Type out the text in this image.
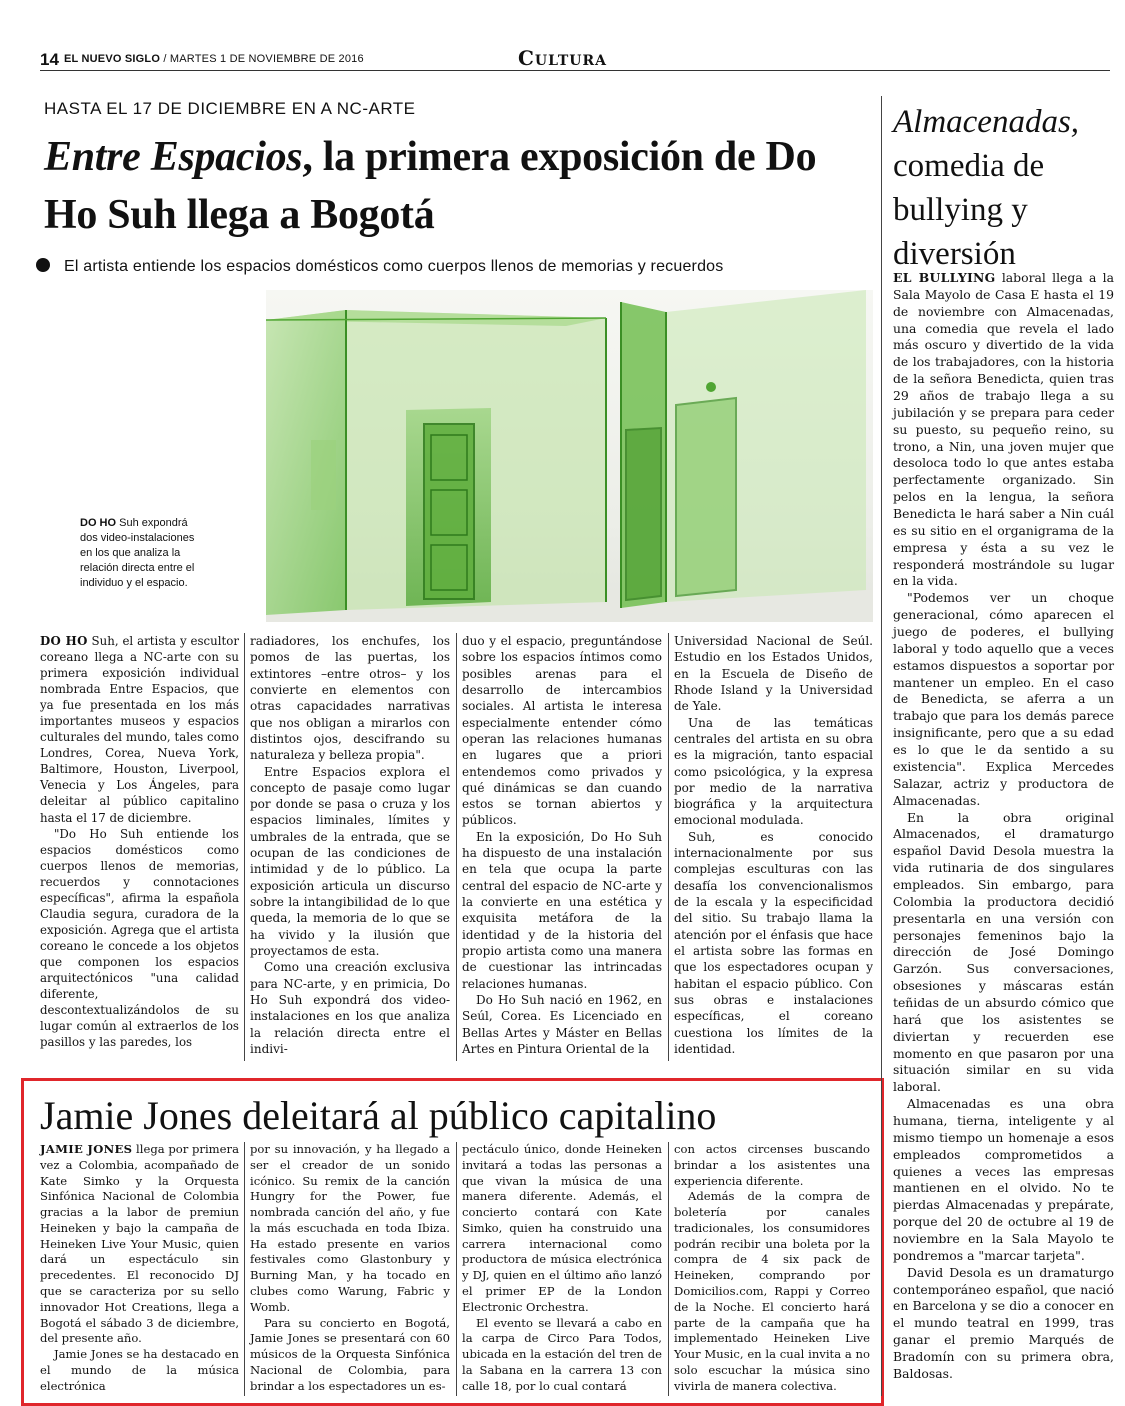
14 EL NUEVO SIGLO / MARTES 1 DE NOVIEMBRE DE 2016	Cultura
HASTA EL 17 DE DICIEMBRE EN A NC-ARTE
Entre Espacios, la primera exposición de Do Ho Suh llega a Bogotá
El artista entiende los espacios domésticos como cuerpos llenos de memorias y recuerdos
DO HO Suh expondrá dos video-instalaciones en los que analiza la relación directa entre el individuo y el espacio.

DO HO Suh, el artista y escultor coreano llega a NC-arte con su primera exposición individual nombrada Entre Espacios, que ya fue presentada en los más importantes museos y espacios culturales del mundo, tales como Londres, Corea, Nueva York, Baltimore, Houston, Liverpool, Venecia y Los Ángeles, para deleitar al público capitalino hasta el 17 de diciembre.

"Do Ho Suh entiende los espacios domésticos como cuerpos llenos de memorias, recuerdos y connotaciones específicas", afirma la española Claudia segura, curadora de la exposición. Agrega que el artista coreano le concede a los objetos que componen los espacios arquitectónicos "una calidad diferente, descontextualizándolos de su lugar común al extraerlos de los pasillos y las paredes, los

radiadores, los enchufes, los pomos de las puertas, los extintores –entre otros– y los convierte en elementos con otras capacidades narrativas que nos obligan a mirarlos con distintos ojos, descifrando su naturaleza y belleza propia".

Entre Espacios explora el concepto de pasaje como lugar por donde se pasa o cruza y los espacios liminales, límites y umbrales de la entrada, que se ocupan de las condiciones de intimidad y de lo público. La exposición articula un discurso sobre la intangibilidad de lo que queda, la memoria de lo que se ha vivido y la ilusión que proyectamos de esta.

Como una creación exclusiva para NC-arte, y en primicia, Do Ho Suh expondrá dos video-instalaciones en los que analiza la relación directa entre el indivi-

duo y el espacio, preguntándose sobre los espacios íntimos como posibles arenas para el desarrollo de intercambios sociales. Al artista le interesa especialmente entender cómo operan las relaciones humanas en lugares que a priori entendemos como privados y qué dinámicas se dan cuando estos se tornan abiertos y públicos.

En la exposición, Do Ho Suh ha dispuesto de una instalación en tela que ocupa la parte central del espacio de NC-arte y la convierte en una estética y exquisita metáfora de la identidad y de la historia del propio artista como una manera de cuestionar las intrincadas relaciones humanas.

Do Ho Suh nació en 1962, en Seúl, Corea. Es Licenciado en Bellas Artes y Máster en Bellas Artes en Pintura Oriental de la

Universidad Nacional de Seúl. Estudio en los Estados Unidos, en la Escuela de Diseño de Rhode Island y la Universidad de Yale.

Una de las temáticas centrales del artista en su obra es la migración, tanto espacial como psicológica, y la expresa por medio de la narrativa biográfica y la arquitectura emocional modulada.

Suh, es conocido internacionalmente por sus complejas esculturas con las desafía los convencionalismos de la escala y la especificidad del sitio. Su trabajo llama la atención por el énfasis que hace el artista sobre las formas en que los espectadores ocupan y habitan el espacio público. Con sus obras e instalaciones específicas, el coreano cuestiona los límites de la identidad.

Jamie Jones deleitará al público capitalino

JAMIE JONES llega por primera vez a Colombia, acompañado de Kate Simko y la Orquesta Sinfónica Nacional de Colombia gracias a la labor de premiun Heineken y bajo la campaña de Heineken Live Your Music, quien dará un espectáculo sin precedentes. El reconocido DJ que se caracteriza por su sello innovador Hot Creations, llega a Bogotá el sábado 3 de diciembre, del presente año.

Jamie Jones se ha destacado en el mundo de la música electrónica

por su innovación, y ha llegado a ser el creador de un sonido icónico. Su remix de la canción Hungry for the Power, fue nombrada canción del año, y fue la más escuchada en toda Ibiza. Ha estado presente en varios festivales como Glastonbury y Burning Man, y ha tocado en clubes como Warung, Fabric y Womb.

Para su concierto en Bogotá, Jamie Jones se presentará con 60 músicos de la Orquesta Sinfónica Nacional de Colombia, para brindar a los espectadores un es-

pectáculo único, donde Heineken invitará a todas las personas a que vivan la música de una manera diferente. Además, el concierto contará con Kate Simko, quien ha construido una carrera internacional como productora de música electrónica y DJ, quien en el último año lanzó el primer EP de la London Electronic Orchestra.

El evento se llevará a cabo en la carpa de Circo Para Todos, ubicada en la estación del tren de la Sabana en la carrera 13 con calle 18, por lo cual contará

con actos circenses buscando brindar a los asistentes una experiencia diferente.

Además de la compra de boletería por canales tradicionales, los consumidores podrán recibir una boleta por la compra de 4 six pack de Heineken, comprando por Domicilios.com, Rappi y Correo de la Noche. El concierto hará parte de la campaña que ha implementado Heineken Live Your Music, en la cual invita a no solo escuchar la música sino vivirla de manera colectiva.

Almacenadas,
comedia de bullying y diversión

EL BULLYING laboral llega a la Sala Mayolo de Casa E hasta el 19 de noviembre con Almacenadas, una comedia que revela el lado más oscuro y divertido de la vida de los trabajadores, con la historia de la señora Benedicta, quien tras 29 años de trabajo llega a su jubilación y se prepara para ceder su puesto, su pequeño reino, su trono, a Nin, una joven mujer que desoloca todo lo que antes estaba perfectamente organizado. Sin pelos en la lengua, la señora Benedicta le hará saber a Nin cuál es su sitio en el organigrama de la empresa y ésta a su vez le responderá mostrándole su lugar en la vida.

"Podemos ver un choque generacional, cómo aparecen el juego de poderes, el bullying laboral y todo aquello que a veces estamos dispuestos a soportar por mantener un empleo. En el caso de Benedicta, se aferra a un trabajo que para los demás parece insignificante, pero que a su edad es lo que le da sentido a su existencia". Explica Mercedes Salazar, actriz y productora de Almacenadas.

En la obra original Almacenados, el dramaturgo español David Desola muestra la vida rutinaria de dos singulares empleados. Sin embargo, para Colombia la productora decidió presentarla en una versión con personajes femeninos bajo la dirección de José Domingo Garzón. Sus conversaciones, obsesiones y máscaras están teñidas de un absurdo cómico que hará que los asistentes se diviertan y recuerden ese momento en que pasaron por una situación similar en su vida laboral.

Almacenadas es una obra humana, tierna, inteligente y al mismo tiempo un homenaje a esos empleados comprometidos a quienes a veces las empresas mantienen en el olvido. No te pierdas Almacenadas y prepárate, porque del 20 de octubre al 19 de noviembre en la Sala Mayolo te pondremos a "marcar tarjeta".

David Desola es un dramaturgo contemporáneo español, que nació en Barcelona y se dio a conocer en el mundo teatral en 1999, tras ganar el premio Marqués de Bradomín con su primera obra, Baldosas.
